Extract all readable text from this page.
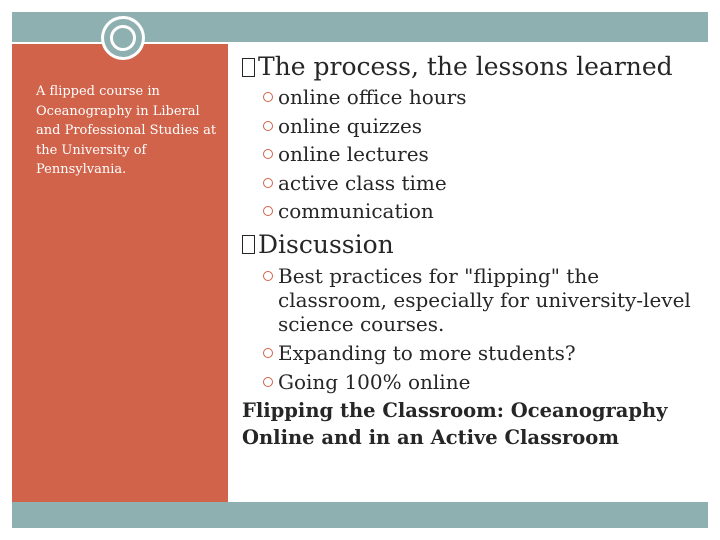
A flipped course in Oceanography in Liberal and Professional Studies at the University of Pennsylvania.
The process, the lessons learned
online office hours
online quizzes
online lectures
active class time
communication
Discussion
Best practices for "flipping" the classroom, especially for university-level science courses.
Expanding to more students?
Going 100% online
Flipping the Classroom: Oceanography
Online and in an Active Classroom
